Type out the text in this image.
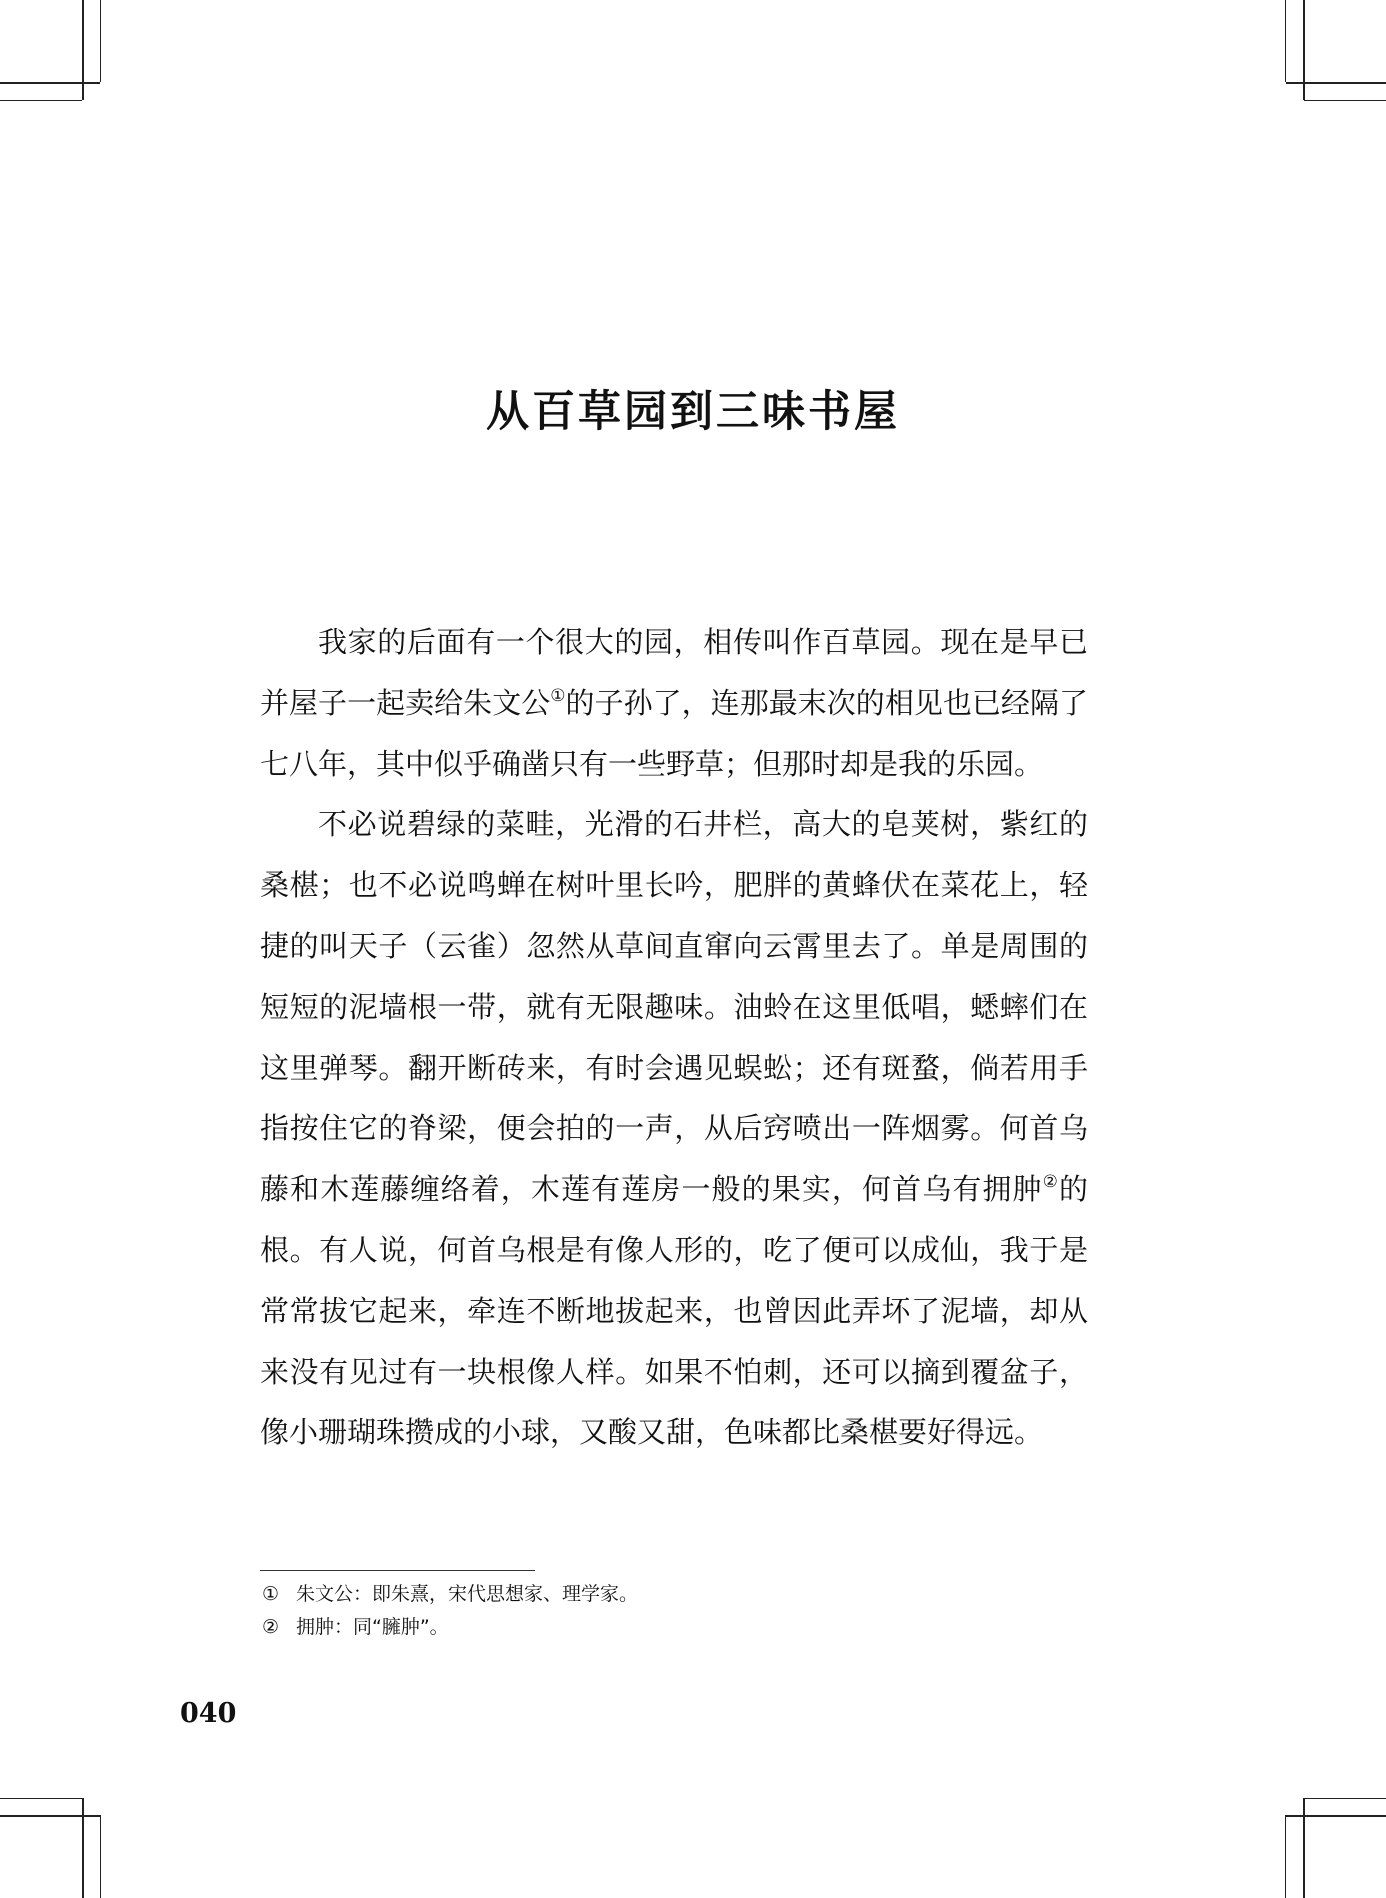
从百草园到三味书屋

我家的后面有一个很大的园，相传叫作百草园。现在是早已并屋子一起卖给朱文公①的子孙了，连那最末次的相见也已经隔了七八年，其中似乎确凿只有一些野草；但那时却是我的乐园。

不必说碧绿的菜畦，光滑的石井栏，高大的皂荚树，紫红的桑椹；也不必说鸣蝉在树叶里长吟，肥胖的黄蜂伏在菜花上，轻捷的叫天子（云雀）忽然从草间直窜向云霄里去了。单是周围的短短的泥墙根一带，就有无限趣味。油蛉在这里低唱，蟋蟀们在这里弹琴。翻开断砖来，有时会遇见蜈蚣；还有斑蝥，倘若用手指按住它的脊梁，便会拍的一声，从后窍喷出一阵烟雾。何首乌藤和木莲藤缠络着，木莲有莲房一般的果实，何首乌有拥肿②的根。有人说，何首乌根是有像人形的，吃了便可以成仙，我于是常常拔它起来，牵连不断地拔起来，也曾因此弄坏了泥墙，却从来没有见过有一块根像人样。如果不怕刺，还可以摘到覆盆子，像小珊瑚珠攒成的小球，又酸又甜，色味都比桑椹要好得远。

① 朱文公：即朱熹，宋代思想家、理学家。
② 拥肿：同“臃肿”。
040
